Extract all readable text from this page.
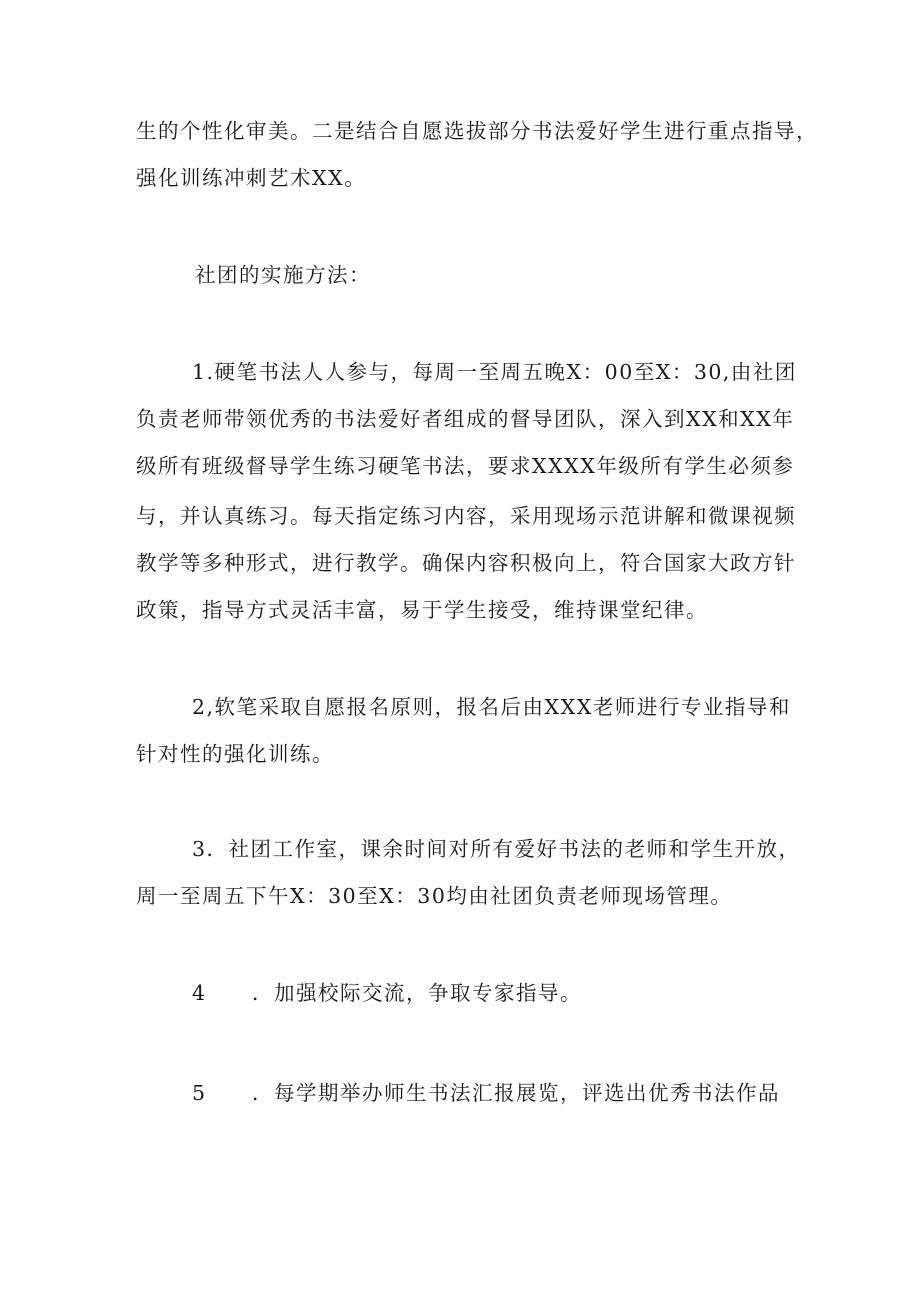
生的个性化审美。二是结合自愿选拔部分书法爱好学生进行重点指导，
强化训练冲刺艺术XX。
社团的实施方法：
1.硬笔书法人人参与，每周一至周五晚X：00至X：30,由社团
负责老师带领优秀的书法爱好者组成的督导团队，深入到XX和XX年
级所有班级督导学生练习硬笔书法，要求XXXX年级所有学生必须参
与，并认真练习。每天指定练习内容，采用现场示范讲解和微课视频
教学等多种形式，进行教学。确保内容积极向上，符合国家大政方针
政策，指导方式灵活丰富，易于学生接受，维持课堂纪律。
2,软笔采取自愿报名原则，报名后由XXX老师进行专业指导和
针对性的强化训练。
3．社团工作室，课余时间对所有爱好书法的老师和学生开放，
周一至周五下午X：30至X：30均由社团负责老师现场管理。
4 ．加强校际交流，争取专家指导。
5 ．每学期举办师生书法汇报展览，评选出优秀书法作品
